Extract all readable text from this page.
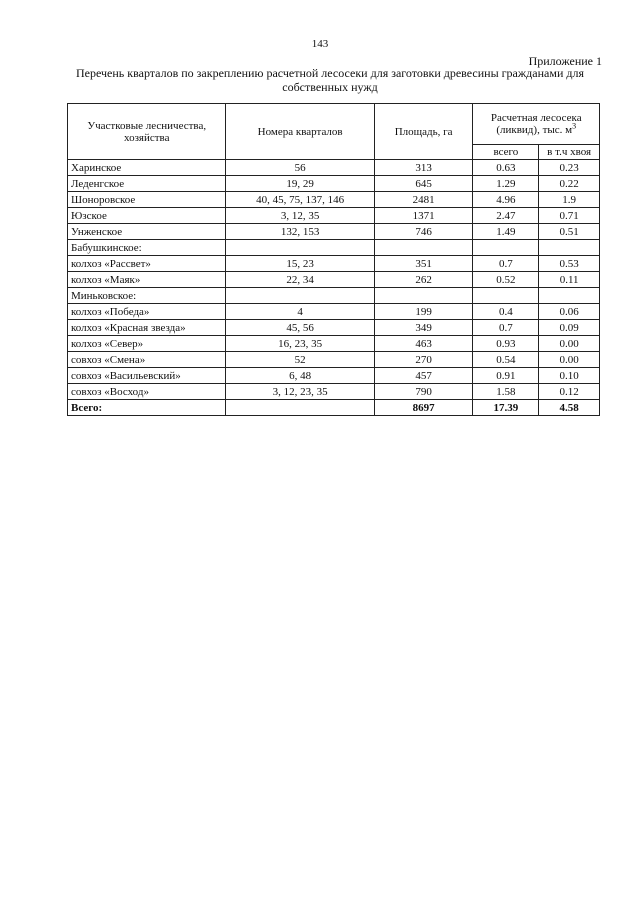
143
Приложение 1
Перечень кварталов по закреплению расчетной лесосеки для заготовки древесины гражданами для собственных нужд
Участковые лесничества, хозяйства	Номера кварталов	Площадь, га	Расчетная лесосека (ликвид), тыс. $м^3$
			всего	в т.ч хвоя
Харинское	56	313	0.63	0.23
Леденгское	19, 29	645	1.29	0.22
Шоноровское	40, 45, 75, 137, 146	2481	4.96	1.9
Юзское	3, 12, 35	1371	2.47	0.71
Унженское	132, 153	746	1.49	0.51
Бабушкинское:				
колхоз «Рассвет»	15, 23	351	0.7	0.53
колхоз «Маяк»	22, 34	262	0.52	0.11
Миньковское:				
колхоз «Победа»	4	199	0.4	0.06
колхоз «Красная звезда»	45, 56	349	0.7	0.09
колхоз «Север»	16, 23, 35	463	0.93	0.00
совхоз «Смена»	52	270	0.54	0.00
совхоз «Васильевский»	6, 48	457	0.91	0.10
совхоз «Восход»	3, 12, 23, 35	790	1.58	0.12
Всего:		8697	17.39	4.58
